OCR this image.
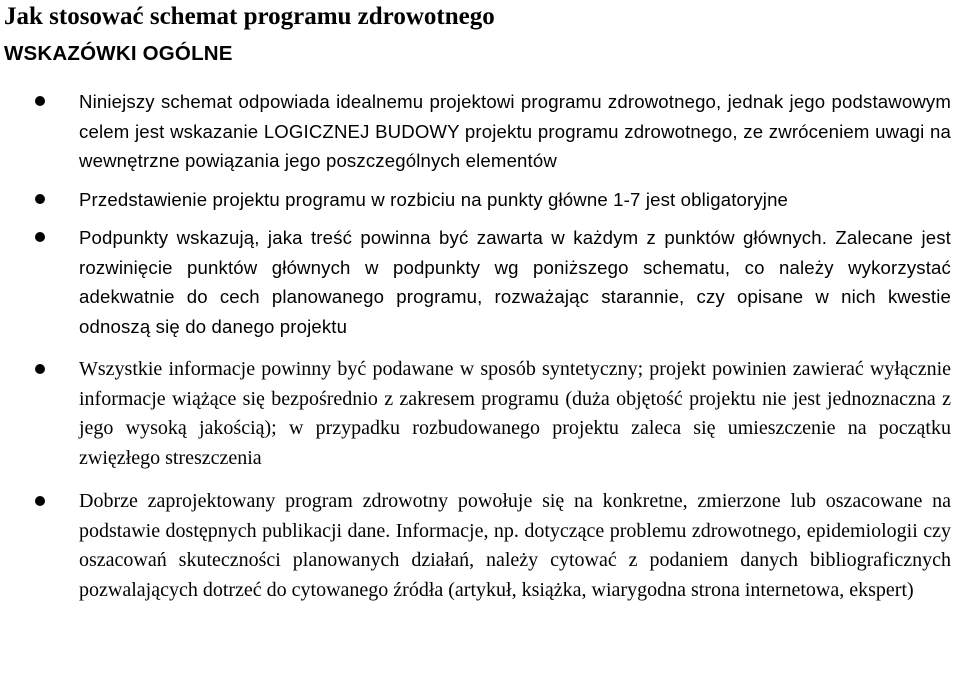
Jak stosować schemat programu zdrowotnego
WSKAZÓWKI OGÓLNE
Niniejszy schemat odpowiada idealnemu projektowi programu zdrowotnego, jednak jego podstawowym celem jest wskazanie LOGICZNEJ BUDOWY projektu programu zdrowotnego, ze zwróceniem uwagi na wewnętrzne powiązania jego poszczególnych elementów
Przedstawienie projektu programu w rozbiciu na punkty główne 1-7 jest obligatoryjne
Podpunkty wskazują, jaka treść powinna być zawarta w każdym z punktów głównych. Zalecane jest rozwinięcie punktów głównych w podpunkty wg poniższego schematu, co należy wykorzystać adekwatnie do cech planowanego programu, rozważając starannie, czy opisane w nich kwestie odnoszą się do danego projektu
Wszystkie informacje powinny być podawane w sposób syntetyczny; projekt powinien zawierać wyłącznie informacje wiążące się bezpośrednio z zakresem programu (duża objętość projektu nie jest jednoznaczna z jego wysoką jakością); w przypadku rozbudowanego projektu zaleca się umieszczenie na początku zwięzłego streszczenia
Dobrze zaprojektowany program zdrowotny powołuje się na konkretne, zmierzone lub oszacowane na podstawie dostępnych publikacji dane. Informacje, np. dotyczące problemu zdrowotnego, epidemiologii czy oszacowań skuteczności planowanych działań, należy cytować z podaniem danych bibliograficznych pozwalających dotrzeć do cytowanego źródła (artykuł, książka, wiarygodna strona internetowa, ekspert)
